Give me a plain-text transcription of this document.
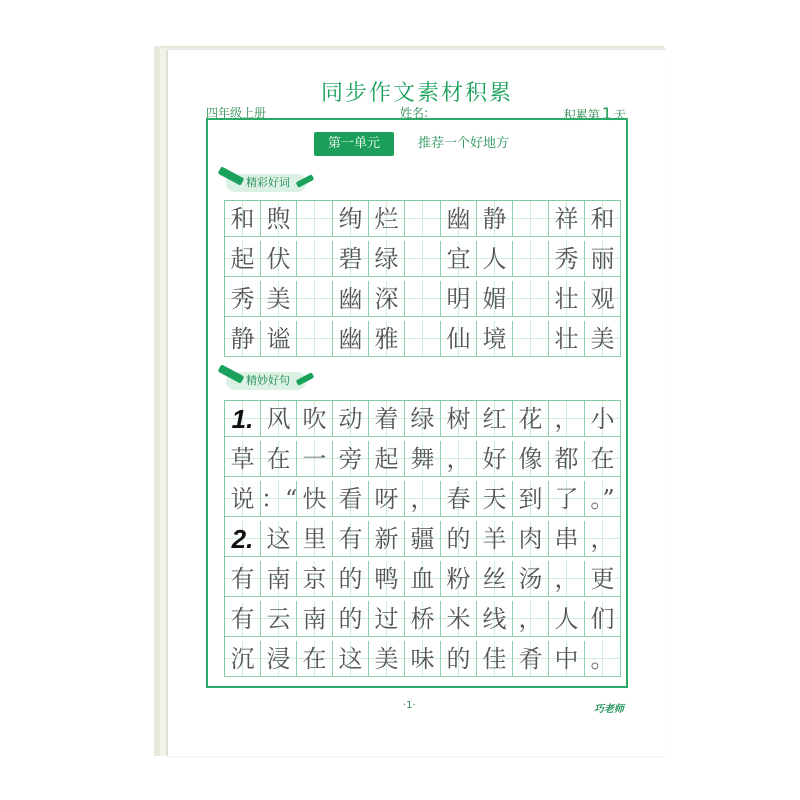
同步作文素材积累
四年级上册	姓名:	积累第 1 天
第一单元	推荐一个好地方
精彩好词
和 煦 绚 烂 幽 静 祥 和
起 伏 碧 绿 宜 人 秀 丽
秀 美 幽 深 明 媚 壮 观
静 谧 幽 雅 仙 境 壮 美
精妙好句
1. 风 吹 动 着 绿 树 红 花 ， 小
草 在 一 旁 起 舞 ， 好 像 都 在
说 ：“ 快 看 呀 ， 春 天 到 了 。”
2. 这 里 有 新 疆 的 羊 肉 串 ，
有 南 京 的 鸭 血 粉 丝 汤 ， 更
有 云 南 的 过 桥 米 线 ， 人 们
沉 浸 在 这 美 味 的 佳 肴 中 。
·1·	巧老师
